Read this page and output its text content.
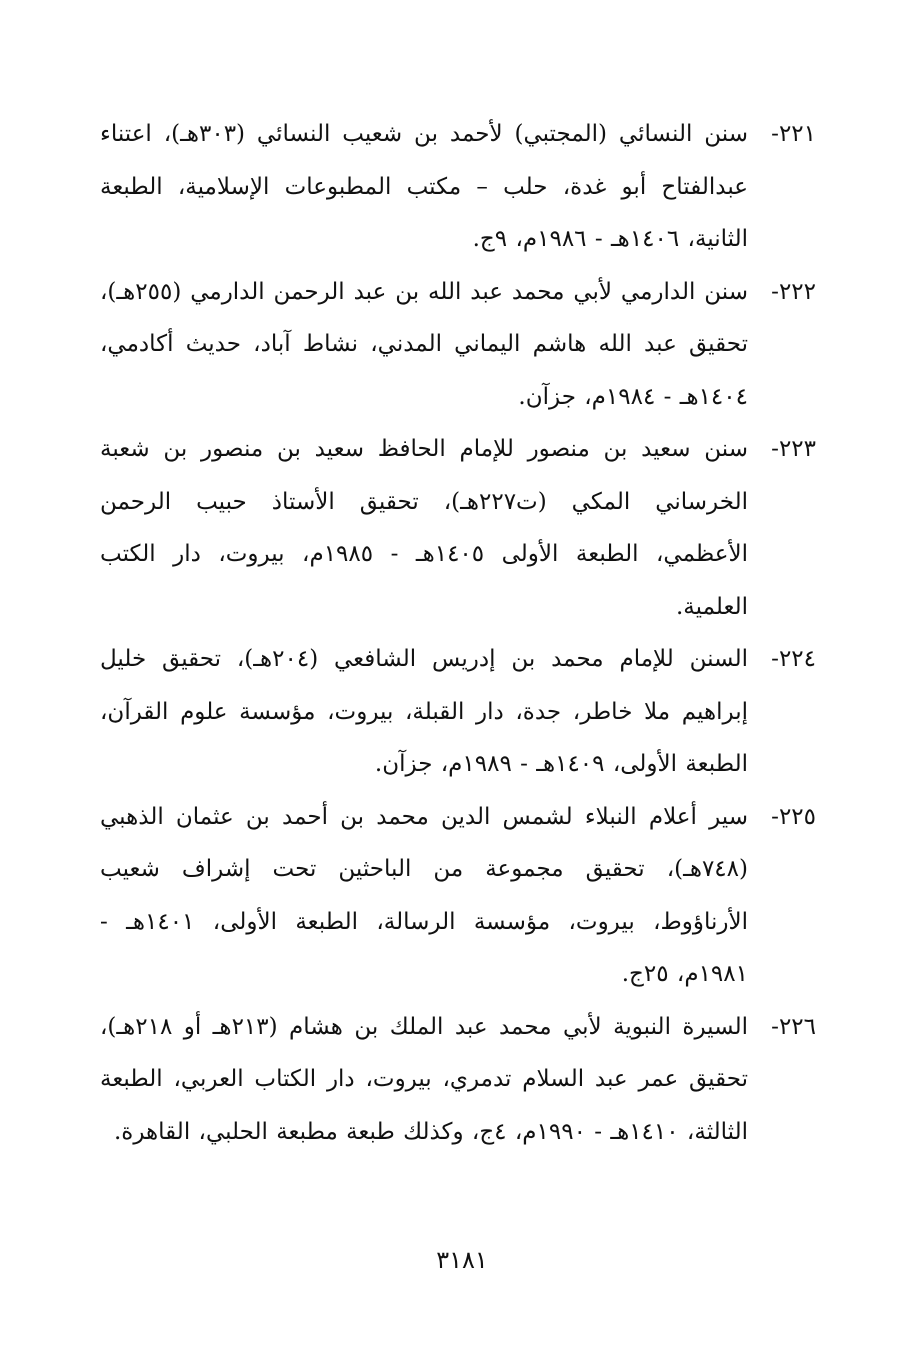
٢٢١-
سنن النسائي (المجتبي) لأحمد بن شعيب النسائي (٣٠٣هـ)، اعتناء عبدالفتاح أبو غدة، حلب – مكتب المطبوعات الإسلامية، الطبعة الثانية، ١٤٠٦هـ - ١٩٨٦م، ٩ج.
٢٢٢-
سنن الدارمي لأبي محمد عبد الله بن عبد الرحمن الدارمي (٢٥٥هـ)، تحقيق عبد الله هاشم اليماني المدني، نشاط آباد، حديث أكادمي، ١٤٠٤هـ - ١٩٨٤م، جزآن.
٢٢٣-
سنن سعيد بن منصور للإمام الحافظ سعيد بن منصور بن شعبة الخرساني المكي (ت٢٢٧هـ)، تحقيق الأستاذ حبيب الرحمن الأعظمي، الطبعة الأولى ١٤٠٥هـ - ١٩٨٥م، بيروت، دار الكتب العلمية.
٢٢٤-
السنن للإمام محمد بن إدريس الشافعي (٢٠٤هـ)، تحقيق خليل إبراهيم ملا خاطر، جدة، دار القبلة، بيروت، مؤسسة علوم القرآن، الطبعة الأولى، ١٤٠٩هـ - ١٩٨٩م، جزآن.
٢٢٥-
سير أعلام النبلاء لشمس الدين محمد بن أحمد بن عثمان الذهبي (٧٤٨هـ)، تحقيق مجموعة من الباحثين تحت إشراف شعيب الأرناؤوط، بيروت، مؤسسة الرسالة، الطبعة الأولى، ١٤٠١هـ - ١٩٨١م، ٢٥ج.
٢٢٦-
السيرة النبوية لأبي محمد عبد الملك بن هشام (٢١٣هـ أو ٢١٨هـ)، تحقيق عمر عبد السلام تدمري، بيروت، دار الكتاب العربي، الطبعة الثالثة، ١٤١٠هـ - ١٩٩٠م، ٤ج، وكذلك طبعة مطبعة الحلبي، القاهرة.
٣١٨١
